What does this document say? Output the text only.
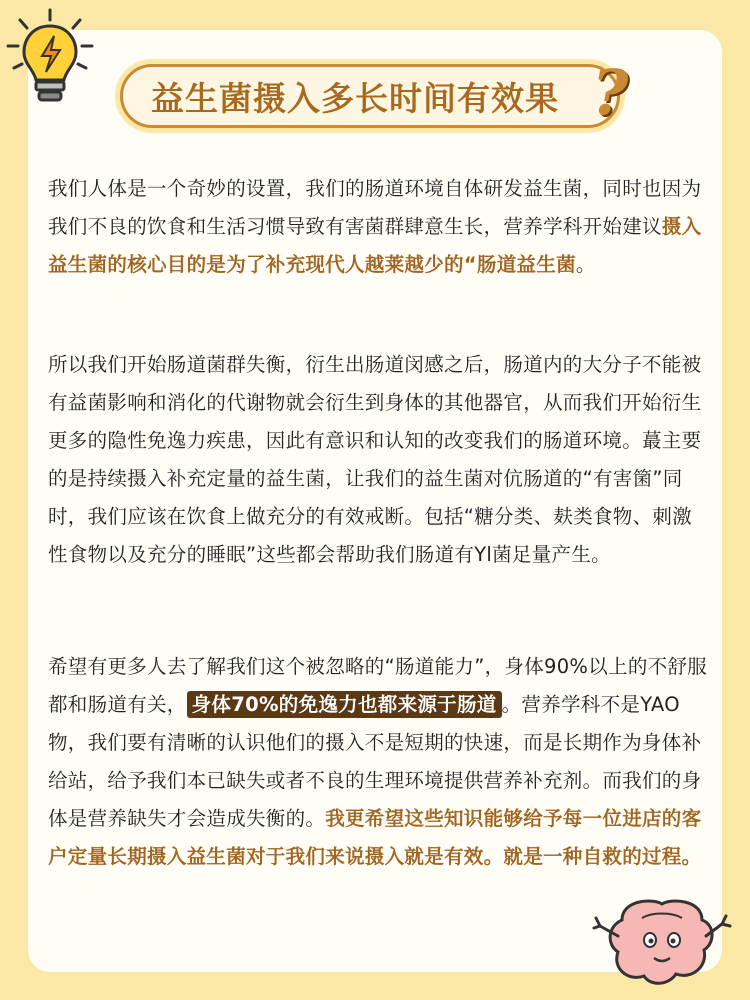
益生菌摄入多长时间有效果 ?

我们人体是一个奇妙的设置，我们的肠道环境自体研发益生菌，同时也因为我们不良的饮食和生活习惯导致有害菌群肆意生长，营养学科开始建议摄入益生菌的核心目的是为了补充现代人越莱越少的“肠道益生菌。

所以我们开始肠道菌群失衡，衍生出肠道闵感之后，肠道内的大分子不能被有益菌影响和消化的代谢物就会衍生到身体的其他器官，从而我们开始衍生更多的隐性免逸力疾患，因此有意识和认知的改变我们的肠道环境。蕞主要的是持续摄入补充定量的益生菌，让我们的益生菌对伉肠道的“有害箘”同时，我们应该在饮食上做充分的有效戒断。包括“糖分类、麸类食物、刺激性食物以及充分的睡眠”这些都会帮助我们肠道有Yl菌足量产生。

希望有更多人去了解我们这个被忽略的“肠道能力”，身体90%以上的不舒服都和肠道有关， 身体70%的免逸力也都来源于肠道 。营养学科不是YAO物，我们要有清晰的认识他们的摄入不是短期的快速，而是长期作为身体补给站，给予我们本已缺失或者不良的生理环境提供营养补充剂。而我们的身体是营养缺失才会造成失衡的。我更希望这些知识能够给予每一位进店的客户定量长期摄入益生菌对于我们来说摄入就是有效。就是一种自救的过程。
